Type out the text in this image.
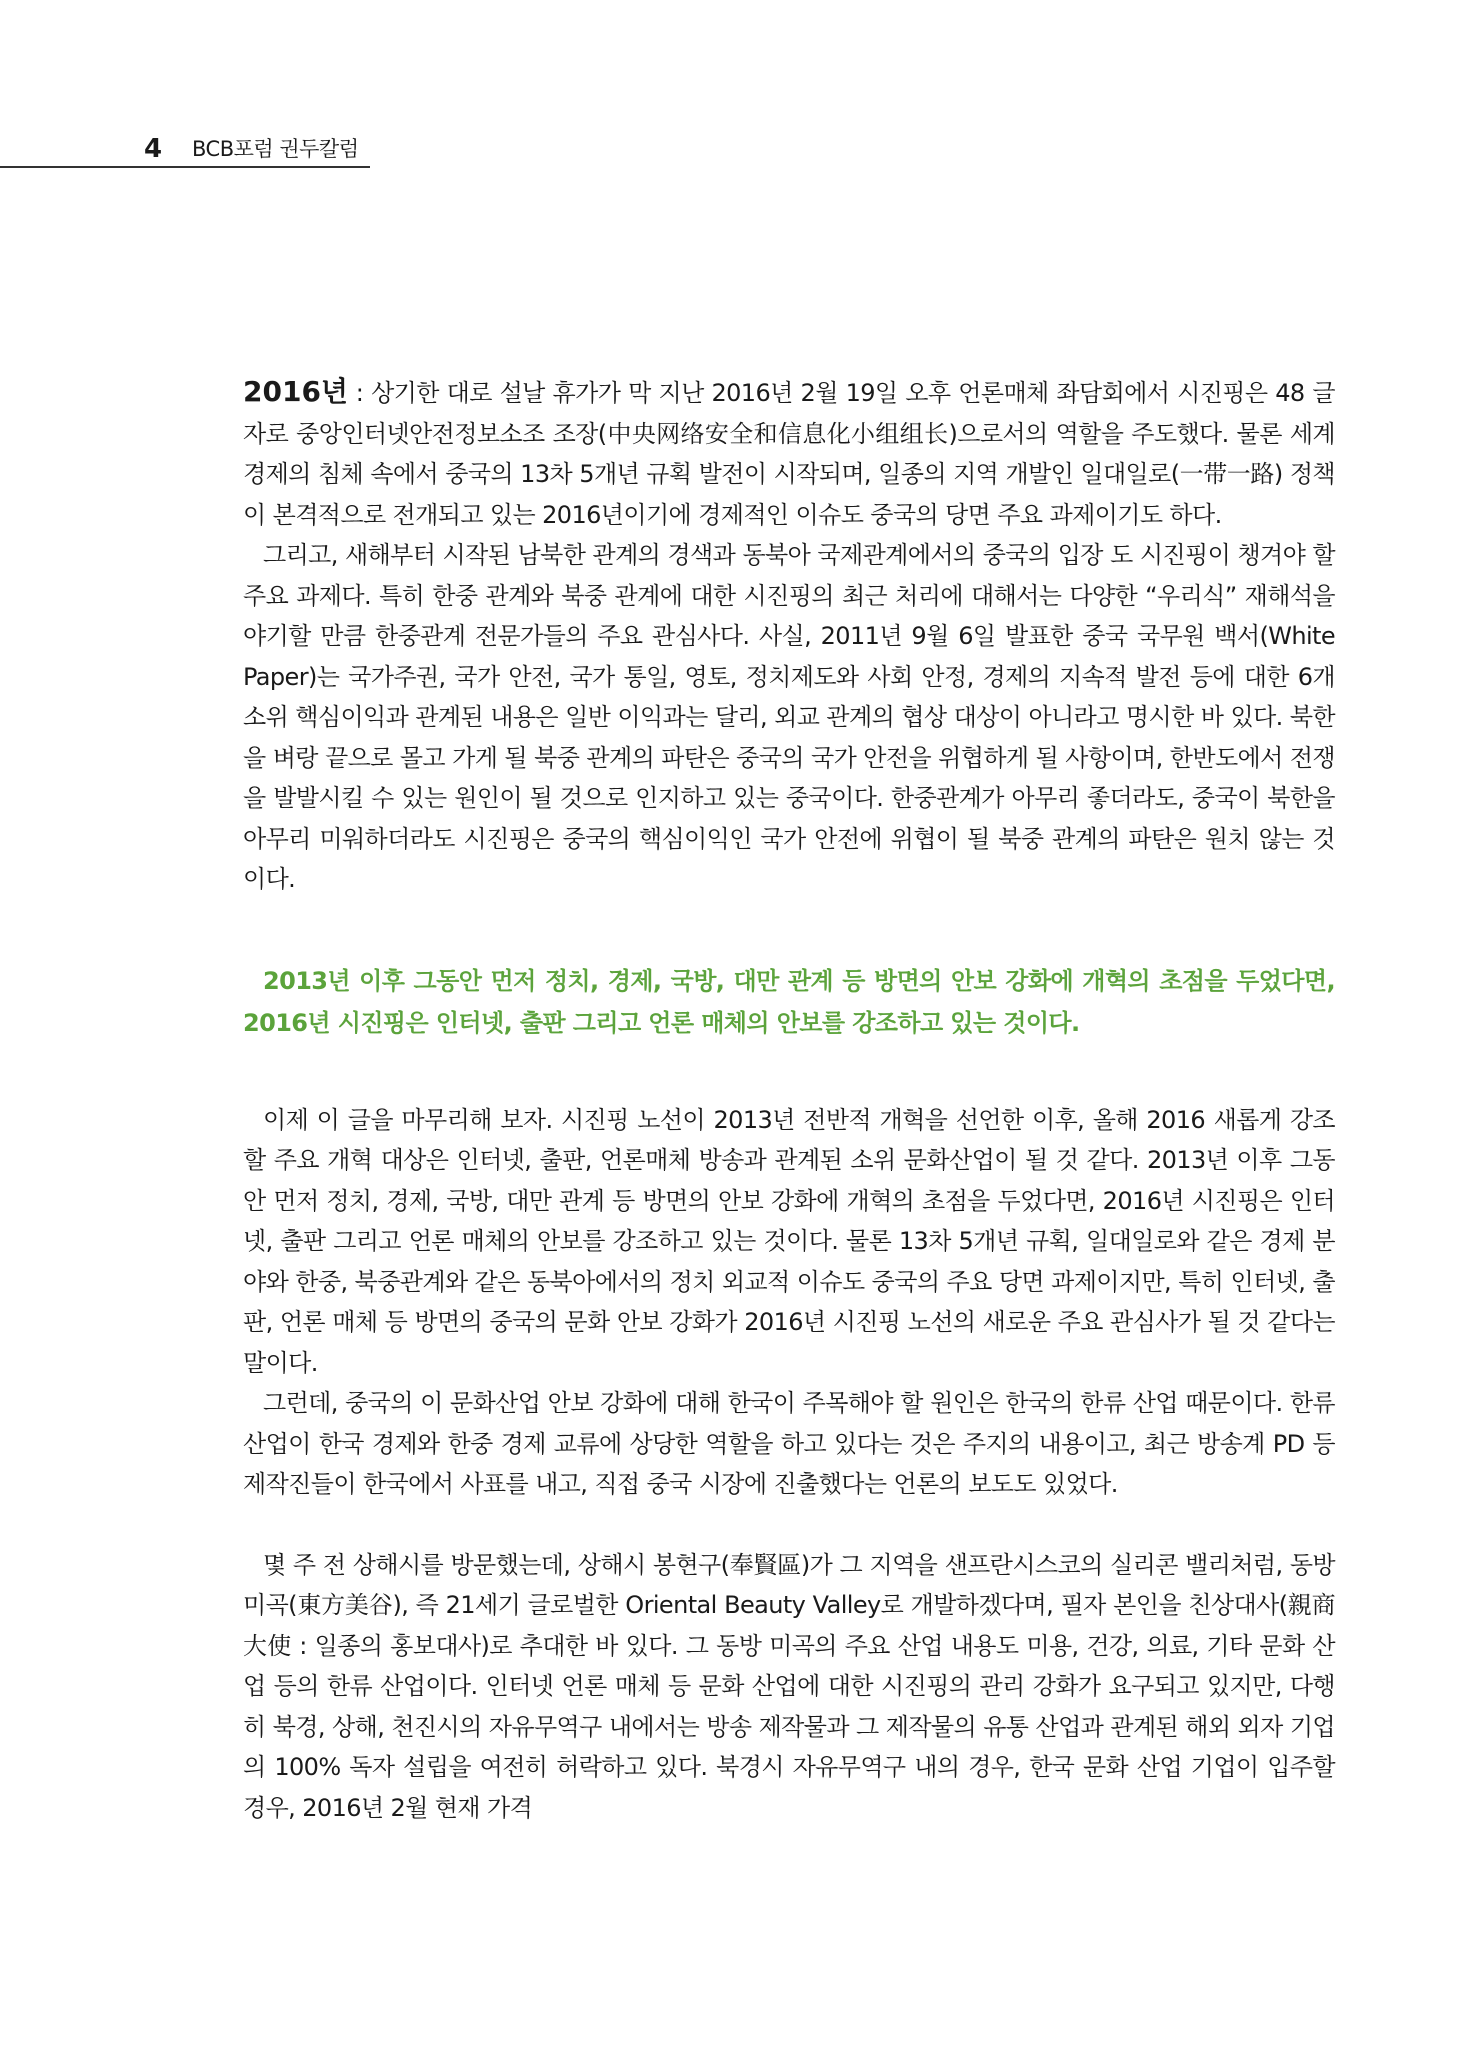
4 BCB포럼 권두칼럼

2016년 : 상기한 대로 설날 휴가가 막 지난 2016년 2월 19일 오후 언론매체 좌담회에서 시진핑은 48 글자로 중앙인터넷안전정보소조 조장(中央网络安全和信息化小组组长)으로서의 역할을 주도했다. 물론 세계 경제의 침체 속에서 중국의 13차 5개년 규획 발전이 시작되며, 일종의 지역 개발인 일대일로(一带一路) 정책이 본격적으로 전개되고 있는 2016년이기에 경제적인 이슈도 중국의 당면 주요 과제이기도 하다.

그리고, 새해부터 시작된 남북한 관계의 경색과 동북아 국제관계에서의 중국의 입장 도 시진핑이 챙겨야 할 주요 과제다. 특히 한중 관계와 북중 관계에 대한 시진핑의 최근 처리에 대해서는 다양한 “우리식” 재해석을 야기할 만큼 한중관계 전문가들의 주요 관심사다. 사실, 2011년 9월 6일 발표한 중국 국무원 백서(White Paper)는 국가주권, 국가 안전, 국가 통일, 영토, 정치제도와 사회 안정, 경제의 지속적 발전 등에 대한 6개 소위 핵심이익과 관계된 내용은 일반 이익과는 달리, 외교 관계의 협상 대상이 아니라고 명시한 바 있다. 북한을 벼랑 끝으로 몰고 가게 될 북중 관계의 파탄은 중국의 국가 안전을 위협하게 될 사항이며, 한반도에서 전쟁을 발발시킬 수 있는 원인이 될 것으로 인지하고 있는 중국이다. 한중관계가 아무리 좋더라도, 중국이 북한을 아무리 미워하더라도 시진핑은 중국의 핵심이익인 국가 안전에 위협이 될 북중 관계의 파탄은 원치 않는 것이다.

2013년 이후 그동안 먼저 정치, 경제, 국방, 대만 관계 등 방면의 안보 강화에 개혁의 초점을 두었다면, 2016년 시진핑은 인터넷, 출판 그리고 언론 매체의 안보를 강조하고 있는 것이다.

이제 이 글을 마무리해 보자. 시진핑 노선이 2013년 전반적 개혁을 선언한 이후, 올해 2016 새롭게 강조할 주요 개혁 대상은 인터넷, 출판, 언론매체 방송과 관계된 소위 문화산업이 될 것 같다. 2013년 이후 그동안 먼저 정치, 경제, 국방, 대만 관계 등 방면의 안보 강화에 개혁의 초점을 두었다면, 2016년 시진핑은 인터넷, 출판 그리고 언론 매체의 안보를 강조하고 있는 것이다. 물론 13차 5개년 규획, 일대일로와 같은 경제 분야와 한중, 북중관계와 같은 동북아에서의 정치 외교적 이슈도 중국의 주요 당면 과제이지만, 특히 인터넷, 출판, 언론 매체 등 방면의 중국의 문화 안보 강화가 2016년 시진핑 노선의 새로운 주요 관심사가 될 것 같다는 말이다.

그런데, 중국의 이 문화산업 안보 강화에 대해 한국이 주목해야 할 원인은 한국의 한류 산업 때문이다. 한류 산업이 한국 경제와 한중 경제 교류에 상당한 역할을 하고 있다는 것은 주지의 내용이고, 최근 방송계 PD 등 제작진들이 한국에서 사표를 내고, 직접 중국 시장에 진출했다는 언론의 보도도 있었다.

몇 주 전 상해시를 방문했는데, 상해시 봉현구(奉賢區)가 그 지역을 샌프란시스코의 실리콘 밸리처럼, 동방미곡(東方美谷), 즉 21세기 글로벌한 Oriental Beauty Valley로 개발하겠다며, 필자 본인을 친상대사(親商大使 : 일종의 홍보대사)로 추대한 바 있다. 그 동방 미곡의 주요 산업 내용도 미용, 건강, 의료, 기타 문화 산업 등의 한류 산업이다. 인터넷 언론 매체 등 문화 산업에 대한 시진핑의 관리 강화가 요구되고 있지만, 다행히 북경, 상해, 천진시의 자유무역구 내에서는 방송 제작물과 그 제작물의 유통 산업과 관계된 해외 외자 기업의 100% 독자 설립을 여전히 허락하고 있다. 북경시 자유무역구 내의 경우, 한국 문화 산업 기업이 입주할 경우, 2016년 2월 현재 가격
